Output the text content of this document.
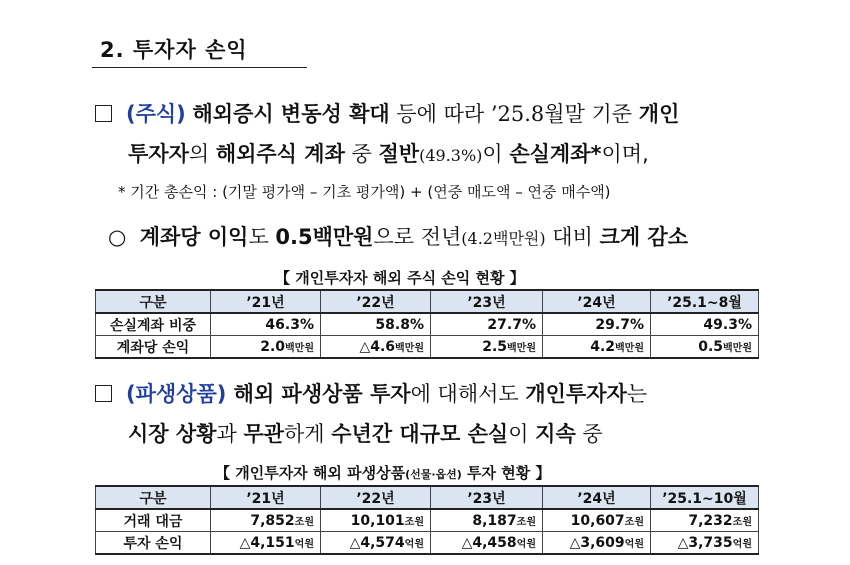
2. 투자자 손익
(주식) 해외증시 변동성 확대 등에 따라 ’25.8월말 기준 개인
투자자의 해외주식 계좌 중 절반(49.3%)이 손실계좌*이며,
* 기간 총손익 : (기말 평가액 – 기초 평가액) + (연중 매도액 – 연중 매수액)
○ 계좌당 이익도 0.5백만원으로 전년(4.2백만원) 대비 크게 감소
【 개인투자자 해외 주식 손익 현황 】
구분	’21년	’22년	’23년	’24년	’25.1~8월
손실계좌 비중	46.3%	58.8%	27.7%	29.7%	49.3%
계좌당 손익	2.0백만원	△4.6백만원	2.5백만원	4.2백만원	0.5백만원
(파생상품) 해외 파생상품 투자에 대해서도 개인투자자는
시장 상황과 무관하게 수년간 대규모 손실이 지속 중
【 개인투자자 해외 파생상품(선물·옵션) 투자 현황 】
구분	’21년	’22년	’23년	’24년	’25.1~10월
거래 대금	7,852조원	10,101조원	8,187조원	10,607조원	7,232조원
투자 손익	△4,151억원	△4,574억원	△4,458억원	△3,609억원	△3,735억원
